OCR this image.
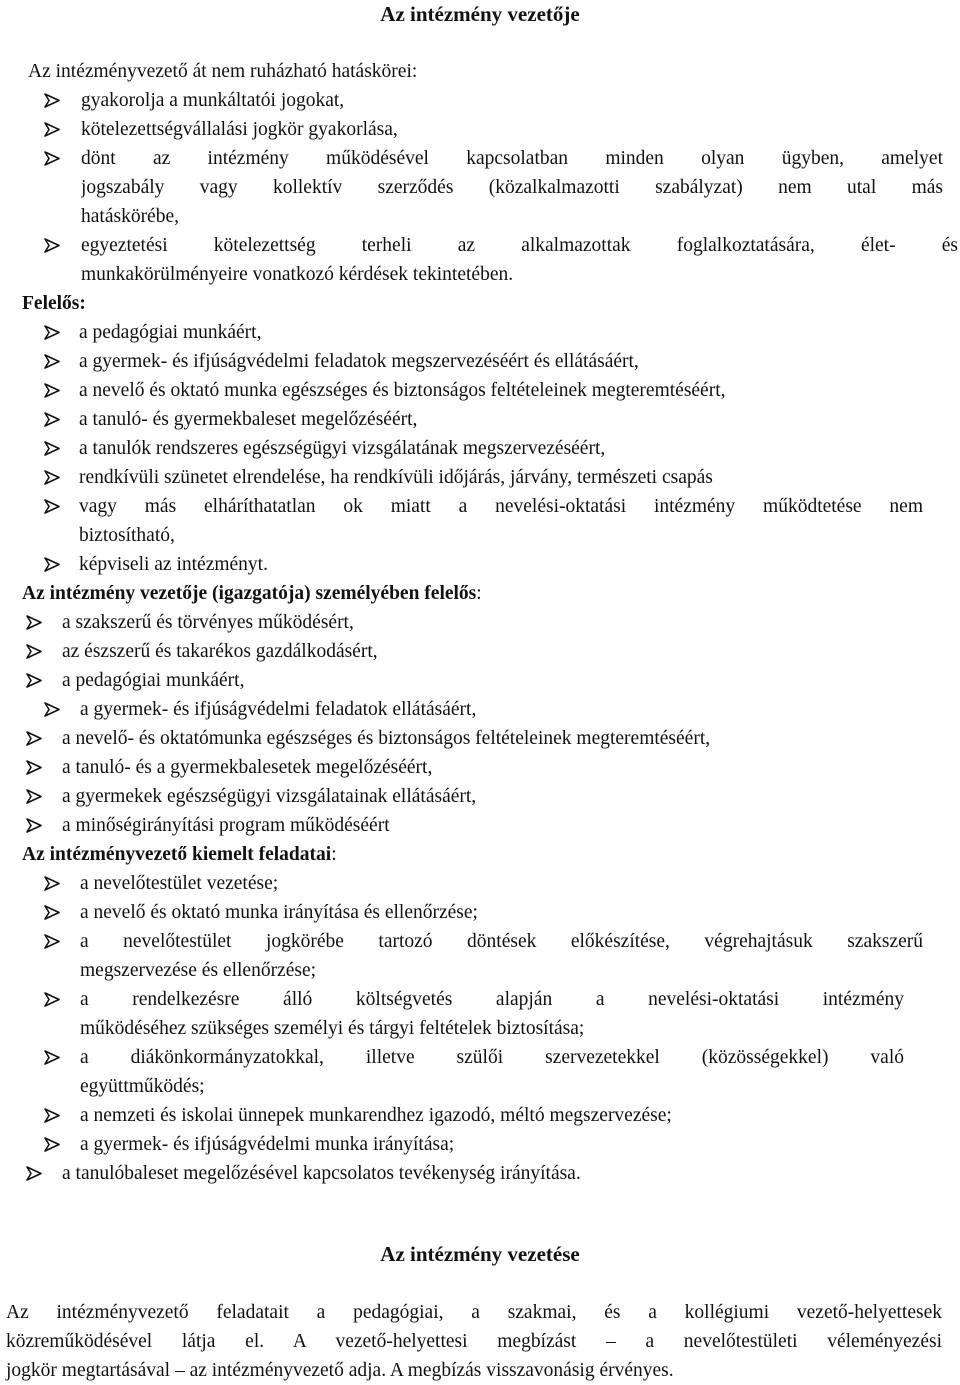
Az intézmény vezetője
Az intézményvezető át nem ruházható hatáskörei:
gyakorolja a munkáltatói jogokat,
kötelezettségvállalási jogkör gyakorlása,
dönt az intézmény működésével kapcsolatban minden olyan ügyben, amelyet
jogszabály vagy kollektív szerződés (közalkalmazotti szabályzat) nem utal más
hatáskörébe,
egyeztetési kötelezettség terheli az alkalmazottak foglalkoztatására, élet- és
munkakörülményeire vonatkozó kérdések tekintetében.
Felelős:
a pedagógiai munkáért,
a gyermek- és ifjúságvédelmi feladatok megszervezéséért és ellátásáért,
a nevelő és oktató munka egészséges és biztonságos feltételeinek megteremtéséért,
a tanuló- és gyermekbaleset megelőzéséért,
a tanulók rendszeres egészségügyi vizsgálatának megszervezéséért,
rendkívüli szünetet elrendelése, ha rendkívüli időjárás, járvány, természeti csapás
vagy más elháríthatatlan ok miatt a nevelési-oktatási intézmény működtetése nem
biztosítható,
képviseli az intézményt.
Az intézmény vezetője (igazgatója) személyében felelős:
a szakszerű és törvényes működésért,
az észszerű és takarékos gazdálkodásért,
a pedagógiai munkáért,
a gyermek- és ifjúságvédelmi feladatok ellátásáért,
a nevelő- és oktatómunka egészséges és biztonságos feltételeinek megteremtéséért,
a tanuló- és a gyermekbalesetek megelőzéséért,
a gyermekek egészségügyi vizsgálatainak ellátásáért,
a minőségirányítási program működéséért
Az intézményvezető kiemelt feladatai:
a nevelőtestület vezetése;
a nevelő és oktató munka irányítása és ellenőrzése;
a nevelőtestület jogkörébe tartozó döntések előkészítése, végrehajtásuk szakszerű
megszervezése és ellenőrzése;
a rendelkezésre álló költségvetés alapján a nevelési-oktatási intézmény
működéséhez szükséges személyi és tárgyi feltételek biztosítása;
a diákönkormányzatokkal, illetve szülői szervezetekkel (közösségekkel) való
együttműködés;
a nemzeti és iskolai ünnepek munkarendhez igazodó, méltó megszervezése;
a gyermek- és ifjúságvédelmi munka irányítása;
a tanulóbaleset megelőzésével kapcsolatos tevékenység irányítása.
Az intézmény vezetése
Az intézményvezető feladatait a pedagógiai, a szakmai, és a kollégiumi vezető-helyettesek
közreműködésével látja el. A vezető-helyettesi megbízást – a nevelőtestületi véleményezési
jogkör megtartásával – az intézményvezető adja. A megbízás visszavonásig érvényes.
